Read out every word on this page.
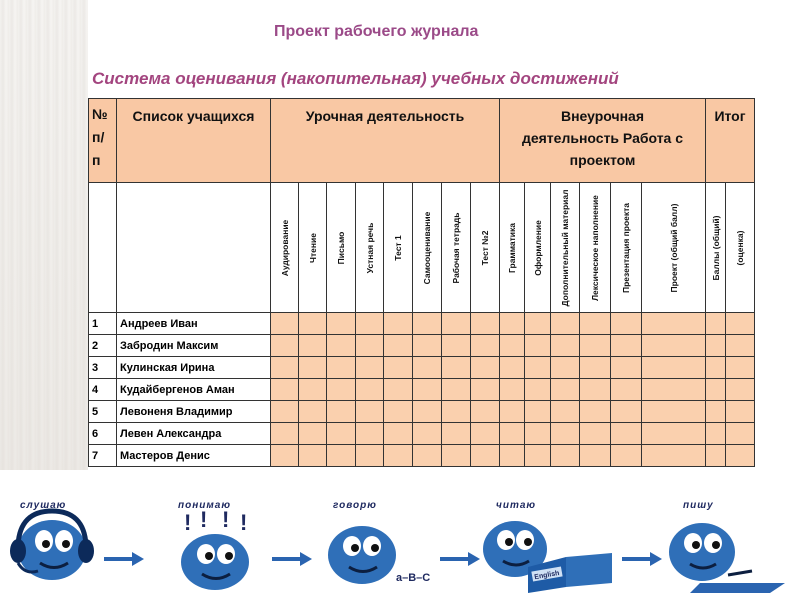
Проект рабочего журнала
Система оценивания (накопительная) учебных достижений
№ п/ п	Список учащихся	Урочная деятельность								Внеурочная деятельность Работа с проектом						Итог	

		Аудирование	Чтение	Письмо	Устная речь	Тест 1	Самооценивание	Рабочая тетрадь	Тест №2	Грамматика	Оформление	Дополнительный материал	Лексическое наполнение	Презентация проекта	Проект (общий балл)	Баллы (общий)	(оценка)

1	Андреев Иван																
2	Забродин Максим																
3	Кулинская Ирина																
4	Кудайбергенов Аман																
5	Левоненя Владимир																
6	Левен Александра																
7	Мастеров Денис																
! ! ! !
a–B–C	English
слушаю	понимаю	говорю	читаю	пишу
